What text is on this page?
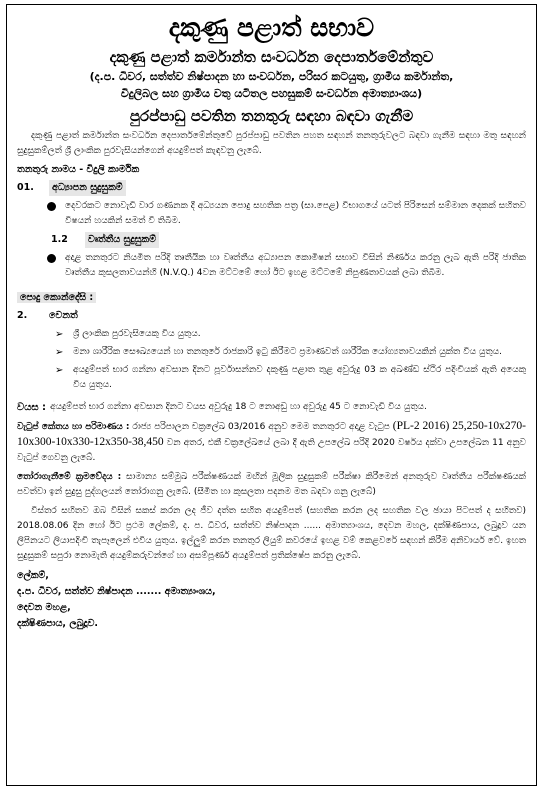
දකුණු පළාත් සභාව
දකුණු පළාත් කර්මාන්ත සංවර්ධන දෙපාර්තමේන්තුව
(ද.ප. ධීවර, සත්ත්ව නිෂ්පාදන හා සංවර්ධන, පරිසර කටයුතු, ග්‍රාමීය කර්මාන්ත,
විදුලිබල සහ ග්‍රාමීය වතු යටිතල පහසුකම් සංවර්ධන අමාත්‍යාංශය)
පුරප්පාඩු පවතින තනතුරු සඳහා බඳවා ගැනීම

දකුණු පළාත් කර්මාන්ත සංවර්ධන දෙපාර්තමේන්තුවේ පුරප්පාඩු පවතින පහත සඳහන් තනතුරුවලට බඳවා ගැනීම සඳහා මතු සඳහන් සුදුසුකම්ලත් ශ්‍රී ලාංකික පුරවැසියන්ගෙන් අයදුම්පත් කැඳවනු ලැබේ.

තනතුරු නාමය - විදුලි කාර්මික
01.	අධ්‍යාපන සුදුසුකම්

දෙවරකට නොවැඩි වාර ගණනක දී අධ්‍යයන පොදු සහතික පත්‍ර (සා.පෙළ) විභාගයේ යටත් පිරිසෙන් සම්මාන දෙකක් සහිතව විෂයන් හයකින් සමත් වී තිබීම.

1.2	වෘත්තීය සුදුසුකම්

අදාළ තනතුරට නියමිත පරිදි තෘතීයික හා වෘත්තීය අධ්‍යාපන කොමිෂන් සභාව විසින් නිර්ණය කරනු ලැබ ඇති පරිදි ජාතික වෘත්තීය කුසලතාවයන්හි (N.V.Q.) 4වන මට්ටමේ හෝ ඊට ඉහළ මට්ටමේ නිපුණතාවයක් ලබා තිබීම.

පොදු කොන්දේසි :
2.	වෙනත්
➢	ශ්‍රී ලාංකික පුරවැසියෙකු විය යුතුය.

➢	මනා ශාරීරික සෞඛ්‍යයෙන් හා තනතුරේ රාජකාරි ඉටු කිරීමට ප්‍රමාණවත් ශාරීරික යෝග්‍යතාවයකින් යුක්ත විය යුතුය.

➢	අයදුම්පත් භාර ගන්නා අවසාන දිනට පූර්වාසන්නව දකුණු පළාත තුළ අවුරුදු 03 ක අඛණ්ඩ ස්ථිර පදිංචියක් ඇති අයෙකු විය යුතුය.

වයස : අයදුම්පත් භාර ගන්නා අවසාන දිනට වයස අවුරුදු 18 ට නොඅඩු හා අවුරුදු 45 ට නොවැඩි විය යුතුය.

වැටුප් කේතය හා පරිමාණය : රාජ්‍ය පරිපාලන චක්‍රලේඛ 03/2016 අනුව මෙම තනතුරට අදාළ වැටුප (PL-2 2016) 25,250-10x270-10x300-10x330-12x350-38,450 වන අතර, එකී චක්‍රලේඛයේ ලබා දී ඇති උපලේඛ පරිදි 2020 වර්ෂය දක්වා උපලේඛන 11 අනුව වැටුප් ගෙවනු ලැබේ.

තෝරාගැනීමේ ක්‍රමවේදය : සාමාන්‍ය සම්මුඛ පරීක්ෂණයක් මඟින් මූලික සුදුසුකම් පරීක්ෂා කිරීමෙන් අනතුරුව වෘත්තීය පරීක්ෂණයක් පවත්වා ඉන් සුදුසු පුද්ගලයන් තෝරාගනු ලැබේ. (සීමිත හා කුසලතා පදනම මත බඳවා ගනු ලැබේ)

විස්තර සහිතව ඔබ විසින් සකස් කරන ලද ජීව දත්ත සහිත අයදුම්පත් (සහතික කරන ලද සහතික වල ඡායා පිටපත් ද සහිතව) 2018.08.06 දින හෝ ඊට ප්‍රථම ලේකම්, ද. ප. ධීවර, සත්ත්ව නිෂ්පාදන ...... අමාත්‍යාංශය, දෙවන මහල, දක්ෂිණපාය, ලබුදූව යන ලිපිනයට ලියාපදිංචි තැපෑලෙන් එවිය යුතුය. ඉල්ලුම් කරන තනතුර ලියුම් කවරයේ ඉහළ වම් කෙළවරේ සඳහන් කිරීම අනිවාර්ය වේ. ඉහත සුදුසුකම් සපුරා නොමැති අයදුම්කරුවන්ගේ හා අසම්පූර්ණ අයදුම්පත් ප්‍රතික්ෂේප කරනු ලැබේ.

ලේකම්,
ද.ප. ධීවර, සත්ත්ව නිෂ්පාදන ....... අමාත්‍යාංශය,
දෙවන මහළ,
දක්ෂිණපාය, ලබුදූව.
